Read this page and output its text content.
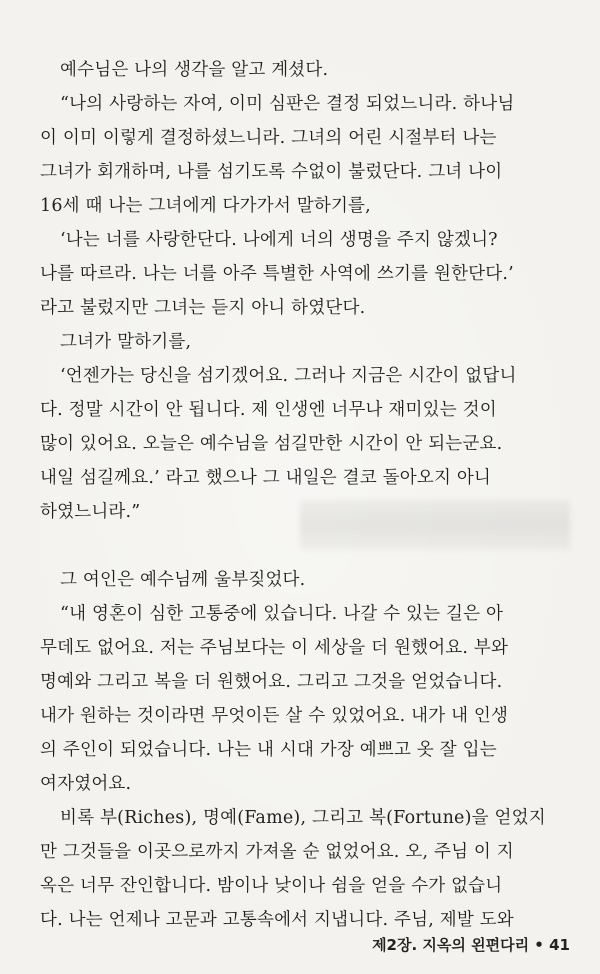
예수님은 나의 생각을 알고 계셨다.
“나의 사랑하는 자여, 이미 심판은 결정 되었느니라. 하나님
이 이미 이렇게 결정하셨느니라. 그녀의 어린 시절부터 나는
그녀가 회개하며, 나를 섬기도록 수없이 불렀단다. 그녀 나이
16세 때 나는 그녀에게 다가가서 말하기를,
‘나는 너를 사랑한단다. 나에게 너의 생명을 주지 않겠니?
나를 따르라. 나는 너를 아주 특별한 사역에 쓰기를 원한단다.’
라고 불렀지만 그녀는 듣지 아니 하였단다.
그녀가 말하기를,
‘언젠가는 당신을 섬기겠어요. 그러나 지금은 시간이 없답니
다. 정말 시간이 안 됩니다. 제 인생엔 너무나 재미있는 것이
많이 있어요. 오늘은 예수님을 섬길만한 시간이 안 되는군요.
내일 섬길께요.’ 라고 했으나 그 내일은 결코 돌아오지 아니
하였느니라.”
그 여인은 예수님께 울부짖었다.
“내 영혼이 심한 고통중에 있습니다. 나갈 수 있는 길은 아
무데도 없어요. 저는 주님보다는 이 세상을 더 원했어요. 부와
명예와 그리고 복을 더 원했어요. 그리고 그것을 얻었습니다.
내가 원하는 것이라면 무엇이든 살 수 있었어요. 내가 내 인생
의 주인이 되었습니다. 나는 내 시대 가장 예쁘고 옷 잘 입는
여자였어요.
비록 부(Riches), 명예(Fame), 그리고 복(Fortune)을 얻었지
만 그것들을 이곳으로까지 가져올 순 없었어요. 오, 주님 이 지
옥은 너무 잔인합니다. 밤이나 낮이나 쉼을 얻을 수가 없습니
다. 나는 언제나 고문과 고통속에서 지냅니다. 주님, 제발 도와
제2장. 지옥의 왼편다리 • 41
